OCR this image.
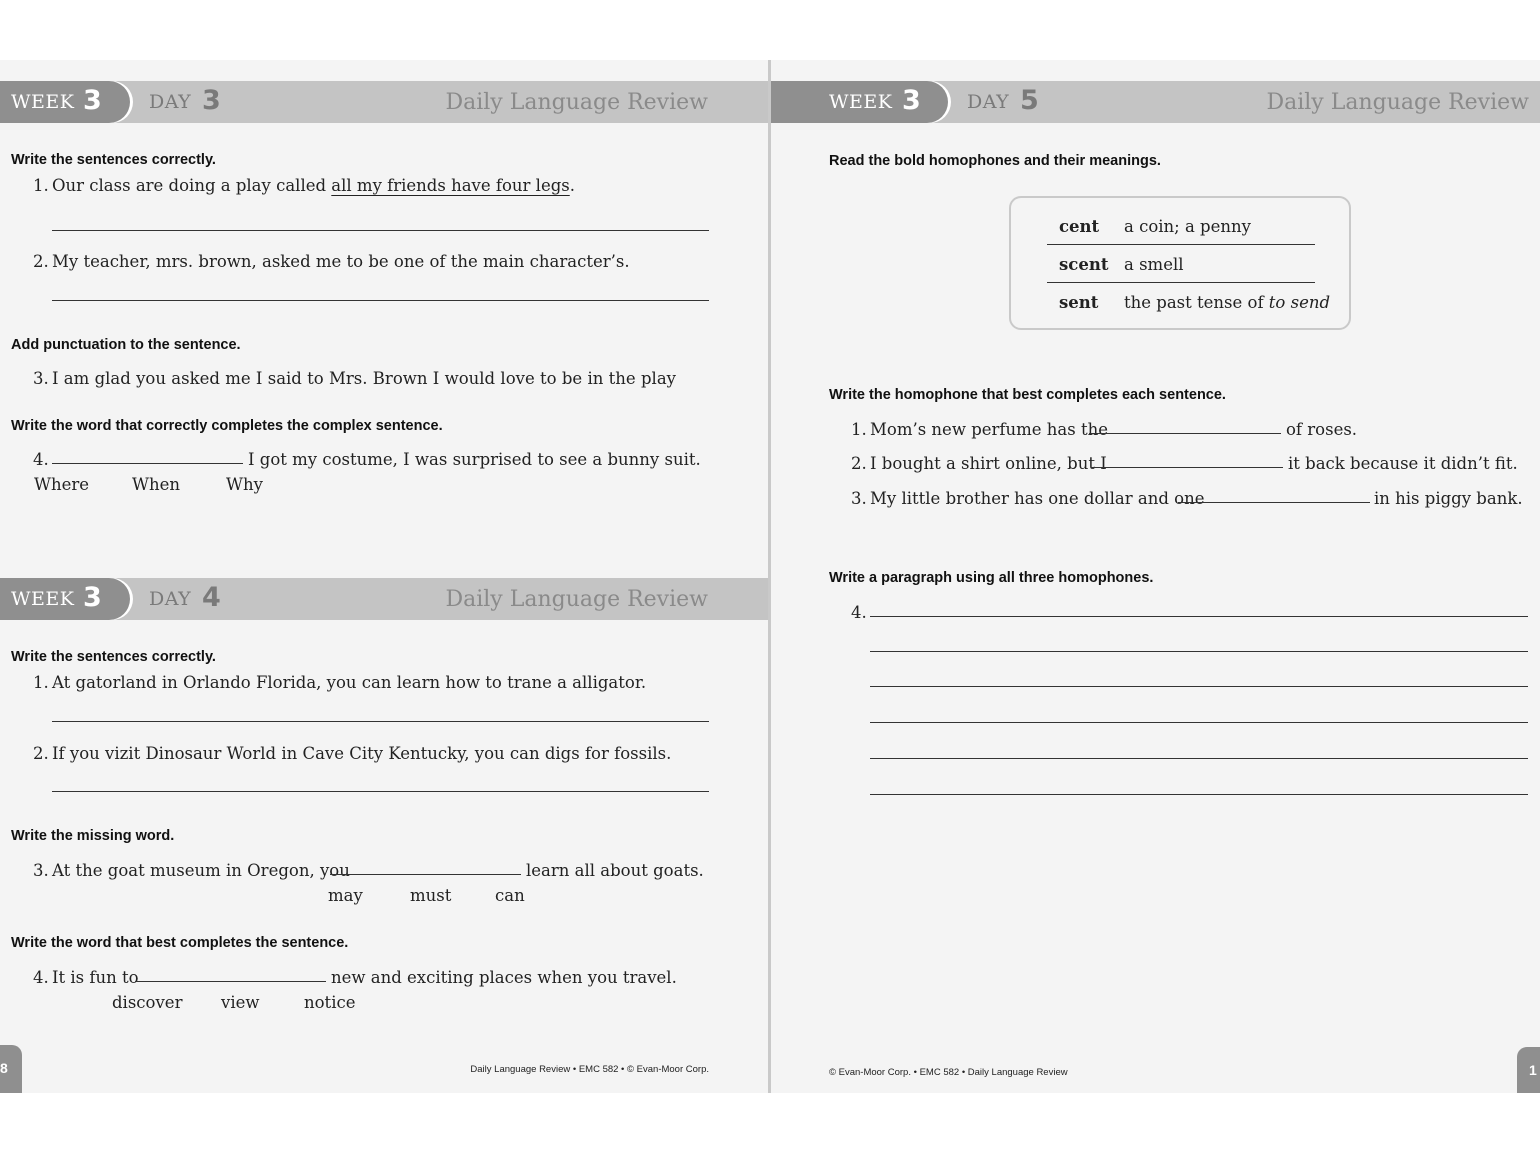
WEEK 3 DAY 3	Daily Language Review
Write the sentences correctly.
1. Our class are doing a play called all my friends have four legs.
2. My teacher, mrs. brown, asked me to be one of the main character’s.
Add punctuation to the sentence.
3. I am glad you asked me I said to Mrs. Brown I would love to be in the play
Write the word that correctly completes the complex sentence.
4.	I got my costume, I was surprised to see a bunny suit.
Where	When	Why
WEEK 3 DAY 4	Daily Language Review
Write the sentences correctly.
1. At gatorland in Orlando Florida, you can learn how to trane a alligator.
2. If you vizit Dinosaur World in Cave City Kentucky, you can digs for fossils.
Write the missing word.
3. At the goat museum in Oregon, you	learn all about goats.
may	must	can
Write the word that best completes the sentence.
4. It is fun to	new and exciting places when you travel.
discover view	notice
Daily Language Review • EMC 582 • © Evan-Moor Corp.
8
WEEK 3 DAY 5	Daily Language Review
Read the bold homophones and their meanings.
cent a coin; a penny
scent a smell
sent the past tense of to send
Write the homophone that best completes each sentence.
1. Mom’s new perfume has the	of roses.
2. I bought a shirt online, but I	it back because it didn’t fit.
3. My little brother has one dollar and one	in his piggy bank.
Write a paragraph using all three homophones.
4.
© Evan-Moor Corp. • EMC 582 • Daily Language Review	1
